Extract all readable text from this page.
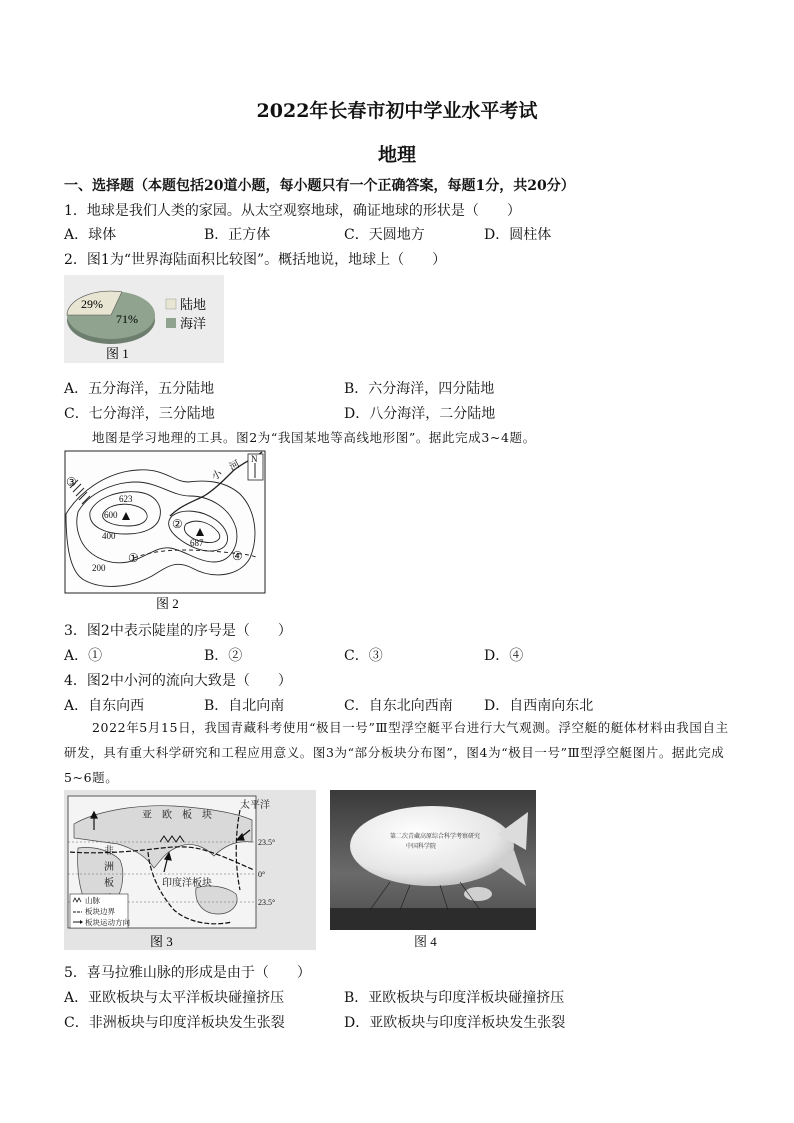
2022年长春市初中学业水平考试
地理
一、选择题（本题包括20道小题，每小题只有一个正确答案，每题1分，共20分）
1．地球是我们人类的家园。从太空观察地球，确证地球的形状是（　　）
A．球体	B．正方体	C．天圆地方	D．圆柱体
2．图1为“世界海陆面积比较图”。概括地说，地球上（　　）
29%
71%
陆地
海洋
图 1
A．五分海洋，五分陆地	B．六分海洋，四分陆地
C．七分海洋，三分陆地	D．八分海洋，二分陆地
地图是学习地理的工具。图2为“我国某地等高线地形图”。据此完成3~4题。
N
623
687
600
400
200
①
②
③
④
小　河
图 2
3．图2中表示陡崖的序号是（　　）
A．①	B．②	C．③	D．④
4．图2中小河的流向大致是（　　）
A．自东向西	B．自北向南	C．自东北向西南 D．自西南向东北
2022年5月15日，我国青藏科考使用“极目一号”Ⅲ型浮空艇平台进行大气观测。浮空艇的艇体材料由我国自主研发，具有重大科学研究和工程应用意义。图3为“部分板块分布图”，图4为“极目一号”Ⅲ型浮空艇图片。据此完成5~6题。
23.5°
0°
23.5°
亚　欧　板　块
太平洋
非
洲
板	印度洋板块
山脉
板块边界
板块运动方向
图 3
第二次青藏高原综合科学考察研究
中国科学院
图 4
5．喜马拉雅山脉的形成是由于（　　）
A．亚欧板块与太平洋板块碰撞挤压	B．亚欧板块与印度洋板块碰撞挤压
C．非洲板块与印度洋板块发生张裂	D．亚欧板块与印度洋板块发生张裂
